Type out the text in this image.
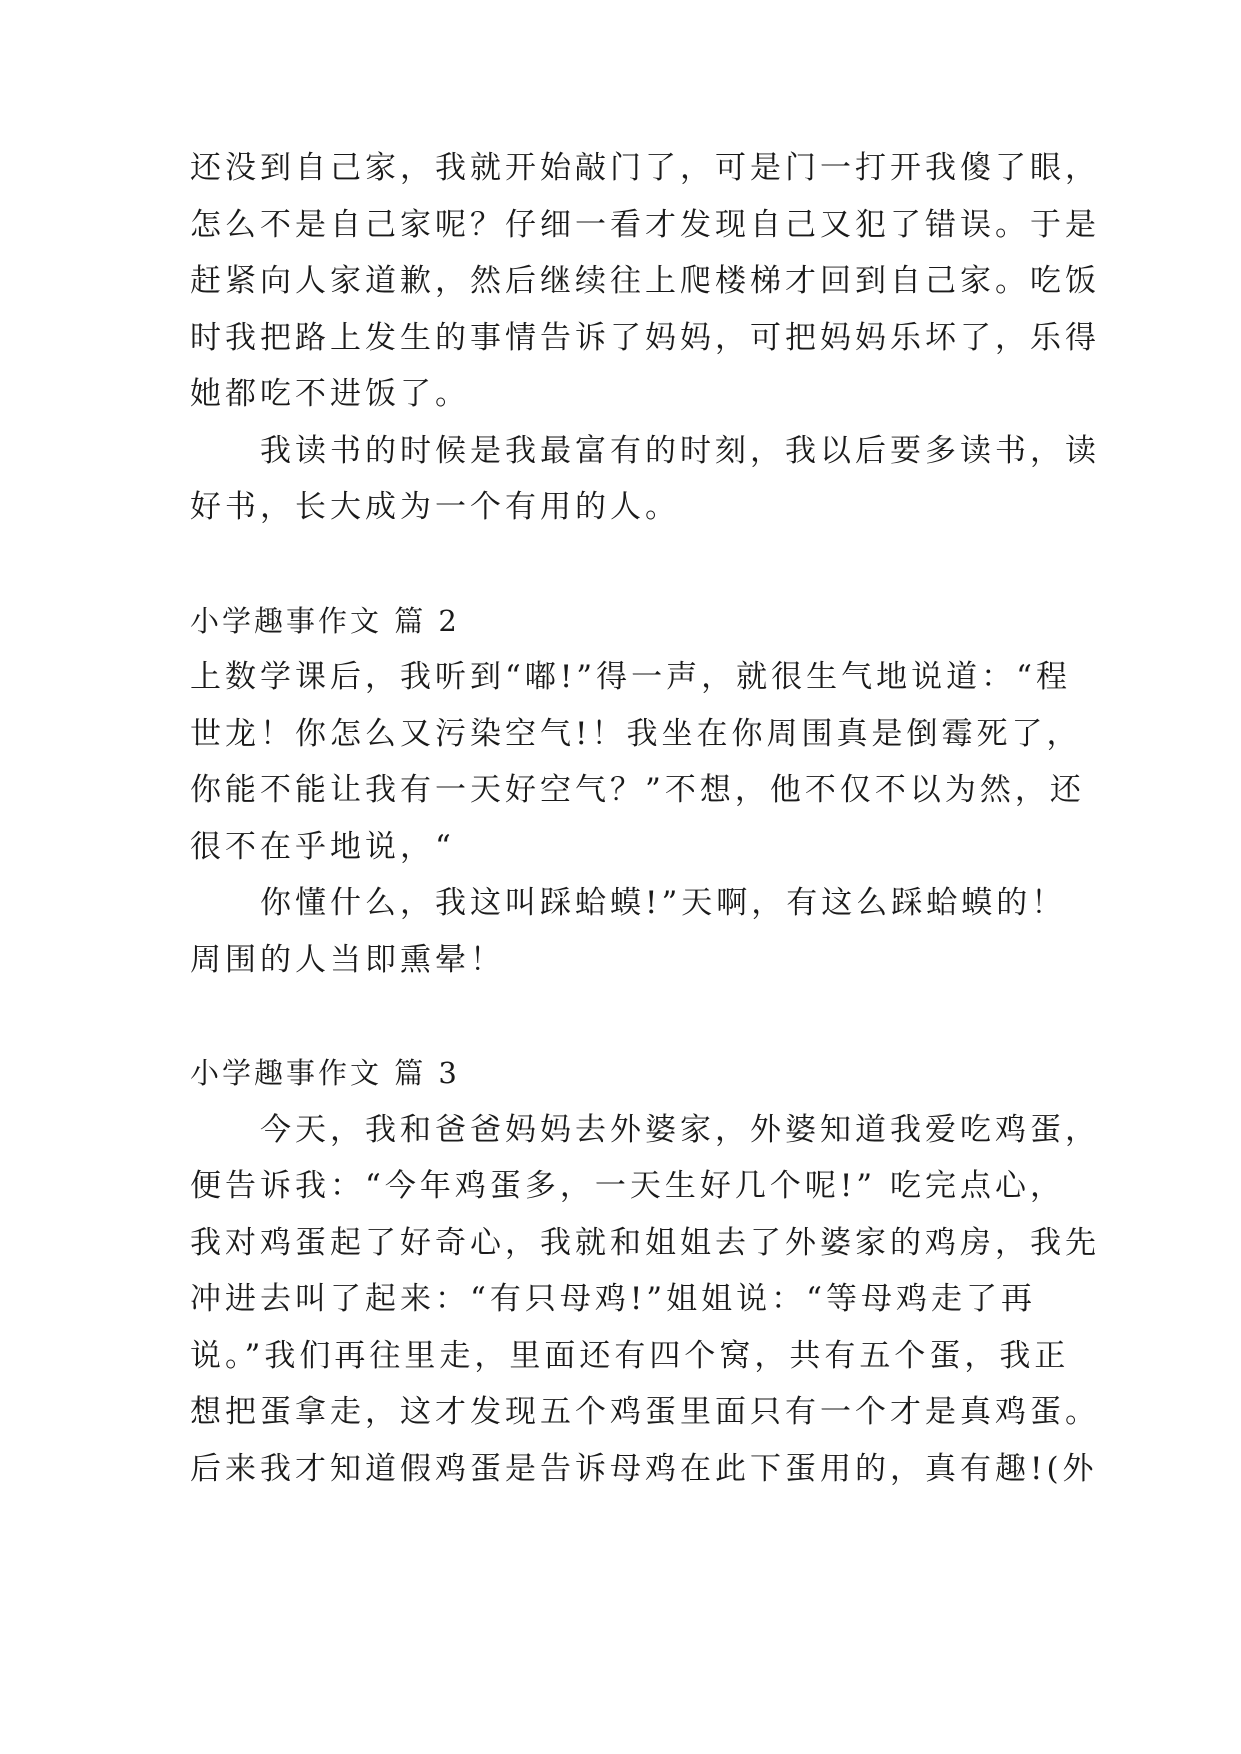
还没到自己家，我就开始敲门了，可是门一打开我傻了眼，
怎么不是自己家呢？仔细一看才发现自己又犯了错误。于是
赶紧向人家道歉，然后继续往上爬楼梯才回到自己家。吃饭
时我把路上发生的事情告诉了妈妈，可把妈妈乐坏了，乐得
她都吃不进饭了。
　　我读书的时候是我最富有的时刻，我以后要多读书，读
好书，长大成为一个有用的人。
小学趣事作文 篇 2
上数学课后，我听到“嘟!”得一声，就很生气地说道：“程
世龙！你怎么又污染空气!！我坐在你周围真是倒霉死了，
你能不能让我有一天好空气？”不想，他不仅不以为然，还
很不在乎地说，“
　　你懂什么，我这叫踩蛤蟆!”天啊，有这么踩蛤蟆的！
周围的人当即熏晕！
小学趣事作文 篇 3
　　今天，我和爸爸妈妈去外婆家，外婆知道我爱吃鸡蛋，
便告诉我：“今年鸡蛋多，一天生好几个呢!” 吃完点心，
我对鸡蛋起了好奇心，我就和姐姐去了外婆家的鸡房，我先
冲进去叫了起来：“有只母鸡!”姐姐说：“等母鸡走了再
说。”我们再往里走，里面还有四个窝，共有五个蛋，我正
想把蛋拿走，这才发现五个鸡蛋里面只有一个才是真鸡蛋。
后来我才知道假鸡蛋是告诉母鸡在此下蛋用的，真有趣!(外
